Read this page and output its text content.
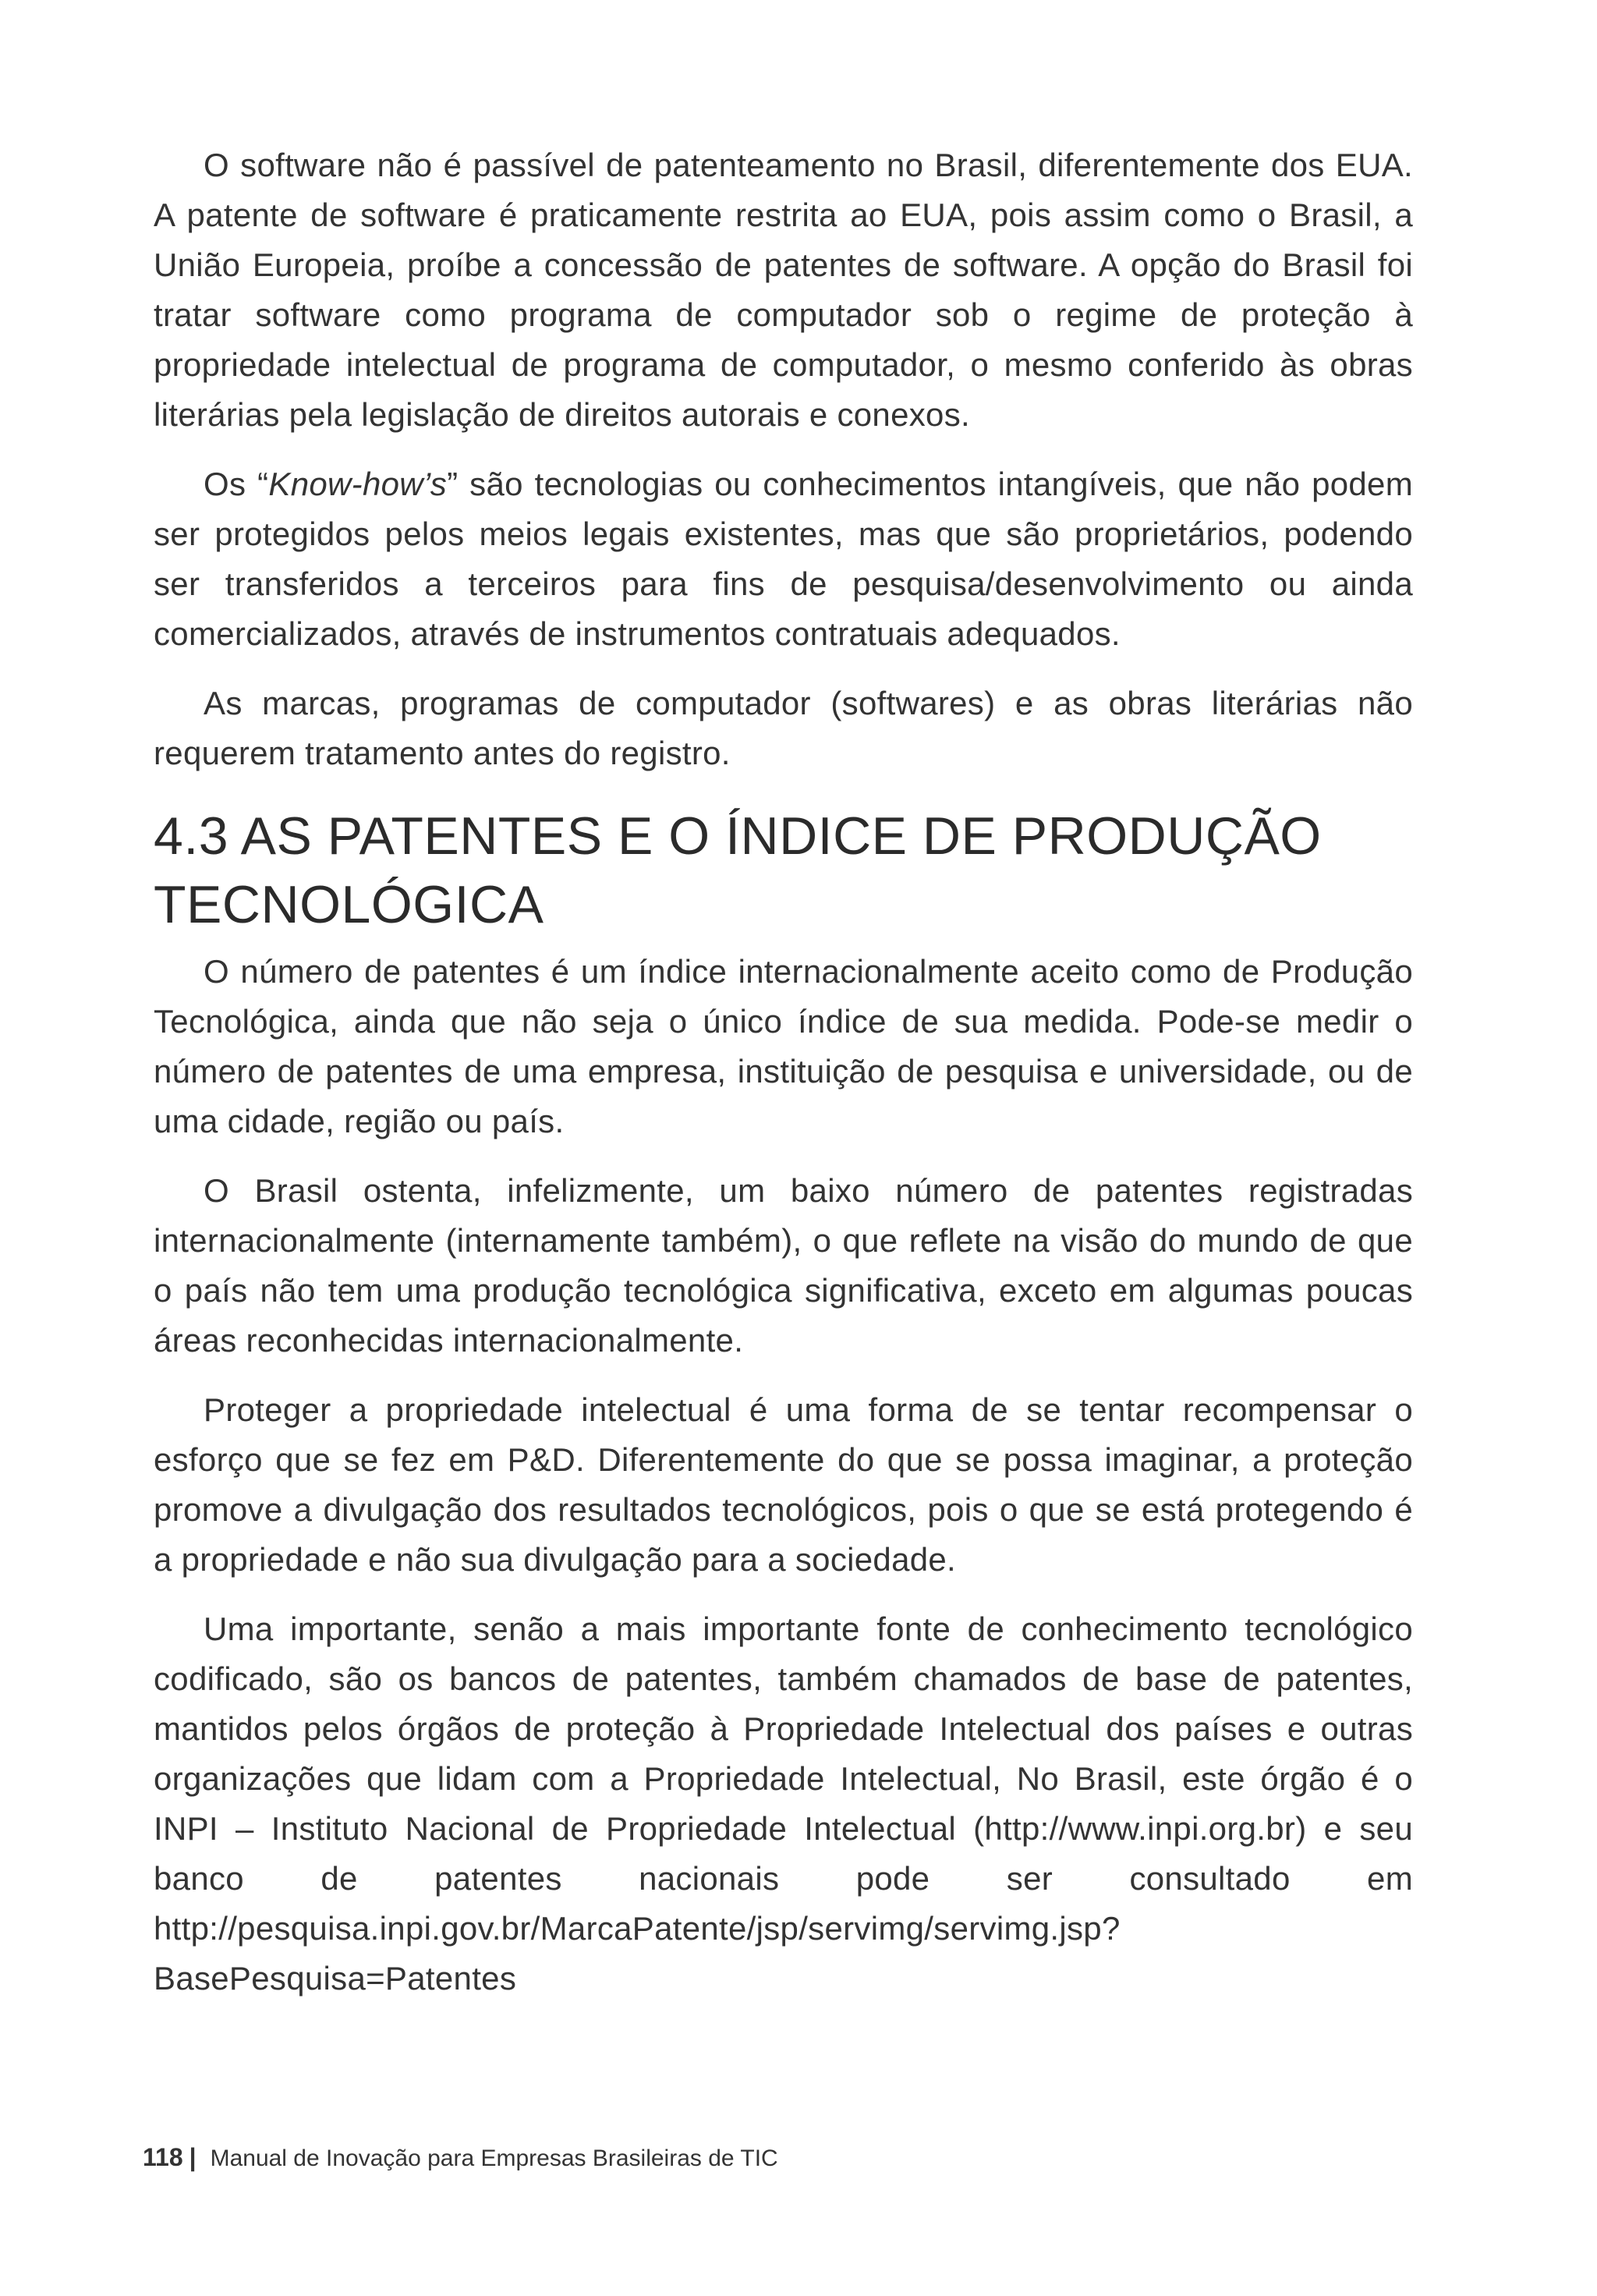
O software não é passível de patenteamento no Brasil, diferentemente dos EUA. A patente de software é praticamente restrita ao EUA, pois assim como o Brasil, a União Europeia, proíbe a concessão de patentes de software. A opção do Brasil foi tratar software como programa de computador sob o regime de proteção à propriedade intelectual de programa de computador, o mesmo conferido às obras literárias pela legislação de direitos autorais e conexos.

Os “Know-how’s” são tecnologias ou conhecimentos intangíveis, que não podem ser protegidos pelos meios legais existentes, mas que são proprietários, podendo ser transferidos a terceiros para fins de pesquisa/desenvolvimento ou ainda comercializados, através de instrumentos contratuais adequados.

As marcas, programas de computador (softwares) e as obras literárias não requerem tratamento antes do registro.

4.3 AS PATENTES E O ÍNDICE DE PRODUÇÃO
TECNOLÓGICA

O número de patentes é um índice internacionalmente aceito como de Produção Tecnológica, ainda que não seja o único índice de sua medida. Pode-se medir o número de patentes de uma empresa, instituição de pesquisa e universidade, ou de uma cidade, região ou país.

O Brasil ostenta, infelizmente, um baixo número de patentes registradas internacionalmente (internamente também), o que reflete na visão do mundo de que o país não tem uma produção tecnológica significativa, exceto em algumas poucas áreas reconhecidas internacionalmente.

Proteger a propriedade intelectual é uma forma de se tentar recompensar o esforço que se fez em P&D. Diferentemente do que se possa imaginar, a proteção promove a divulgação dos resultados tecnológicos, pois o que se está protegendo é a propriedade e não sua divulgação para a sociedade.

Uma importante, senão a mais importante fonte de conhecimento tecnológico codificado, são os bancos de patentes, também chamados de base de patentes, mantidos pelos órgãos de proteção à Propriedade Intelectual dos países e outras organizações que lidam com a Propriedade Intelectual, No Brasil, este órgão é o INPI – Instituto Nacional de Propriedade Intelectual (http://www.inpi.org.br) e seu banco de patentes nacionais pode ser consultado em http://pesquisa.inpi.gov.br/MarcaPatente/jsp/servimg/servimg.jsp?BasePesquisa=Patentes

118 | Manual de Inovação para Empresas Brasileiras de TIC
